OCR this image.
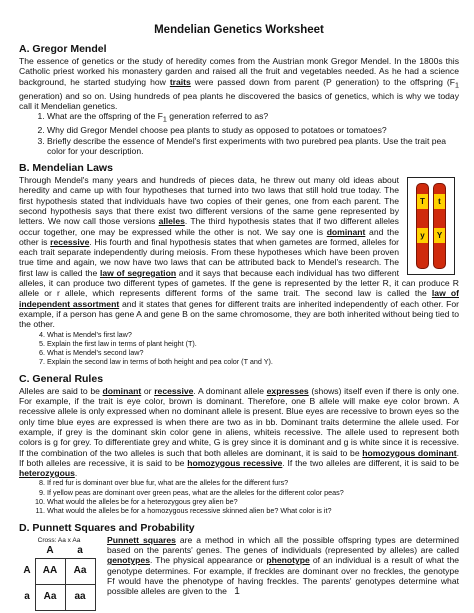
Mendelian Genetics Worksheet
A. Gregor Mendel

The essence of genetics or the study of heredity comes from the Austrian monk Gregor Mendel. In the 1800s this Catholic priest worked his monastery garden and raised all the fruit and vegetables needed. As he had a science background, he started studying how traits were passed down from parent (P generation) to the offspring ($F_1$ generation) and so on. Using hundreds of pea plants he discovered the basics of genetics, which is why we today call it Mendelian genetics.

1. What are the offspring of the $F_1$ generation referred to as?
2. Why did Gregor Mendel choose pea plants to study as opposed to potatoes or tomatoes?
3. Briefly describe the essence of Mendel's first experiments with two purebred pea plants. Use the trait pea color for your description.
B. Mendelian Laws

T
y
t
Y
Through Mendel's many years and hundreds of pieces data, he threw out many old ideas about heredity and came up with four hypotheses that turned into two laws that still hold true today. The first hypothesis stated that individuals have two copies of their genes, one from each parent. The second hypothesis says that there exist two different versions of the same gene represented by letters. We now call those versions alleles. The third hypothesis states that if two different alleles occur together, one may be expressed while the other is not. We say one is dominant and the other is recessive. His fourth and final hypothesis states that when gametes are formed, alleles for each trait separate independently during meiosis. From these hypotheses which have been proven true time and again, we now have two laws that can be attributed back to Mendel's research. The first law is called the law of segregation and it says that because each individual has two different alleles, it can produce two different types of gametes. If the gene is represented by the letter R, it can produce R allele or r allele, which represents different forms of the same trait. The second law is called the law of independent assortment and it states that genes for different traits are inherited independently of each other. For example, if a person has gene A and gene B on the same chromosome, they are both inherited without being tied to the other.

4. What is Mendel's first law?
5. Explain the first law in terms of plant height (T).
6. What is Mendel's second law?
7. Explain the second law in terms of both height and pea color (T and Y).
C. General Rules

Alleles are said to be dominant or recessive. A dominant allele expresses (shows) itself even if there is only one. For example, if the trait is eye color, brown is dominant. Therefore, one B allele will make eye color brown. A recessive allele is only expressed when no dominant allele is present. Blue eyes are recessive to brown eyes so the only time blue eyes are expressed is when there are two as in bb. Dominant traits determine the allele used. For example, if grey is the dominant skin color gene in aliens, whiteis recessive. The allele used to represent both colors is g for grey. To differentiate grey and white, G is grey since it is dominant and g is white since it is recessive. If the combination of the two alleles is such that both alleles are dominant, it is said to be homozygous dominant. If both alleles are recessive, it is said to be homozygous recessive. If the two alleles are different, it is said to be heterozygous.

8. If red fur is dominant over blue fur, what are the alleles for the different furs?
9. If yellow peas are dominant over green peas, what are the alleles for the different color peas?
10. What would the alleles be for a heterozygous grey alien be?
11. What would the alleles be for a homozygous recessive skinned alien be? What color is it?
D. Punnett Squares and Probability
Cross: Aa x Aa
A	a
A	AA	Aa
a	Aa	aa

Punnett squares are a method in which all the possible offspring types are determined based on the parents' genes. The genes of individuals (represented by alleles) are called genotypes. The physical appearance or phenotype of an individual is a result of what the genotype determines. For example, if freckles are dominant over no freckles, the genotype Ff would have the phenotype of having freckles. The parents' genotypes determine what possible alleles are given to the 1
